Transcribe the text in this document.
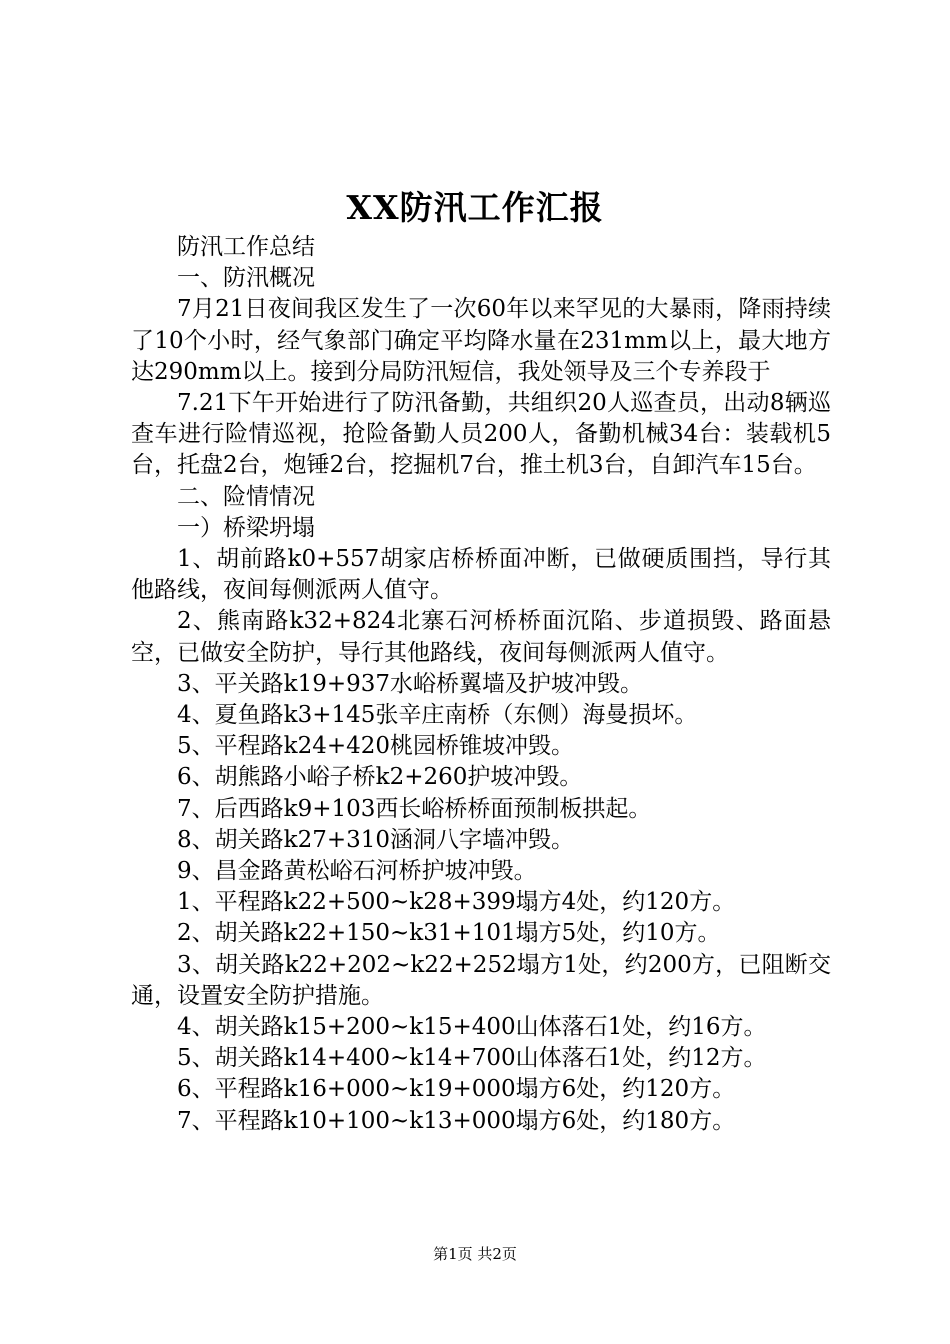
XX防汛工作汇报

防汛工作总结

一、防汛概况

7月21日夜间我区发生了一次60年以来罕见的大暴雨，降雨持续了10个小时，经气象部门确定平均降水量在231mm以上，最大地方达290mm以上。接到分局防汛短信，我处领导及三个专养段于

7.21下午开始进行了防汛备勤，共组织20人巡查员，出动8辆巡查车进行险情巡视，抢险备勤人员200人，备勤机械34台：装载机5台，托盘2台，炮锤2台，挖掘机7台，推土机3台，自卸汽车15台。

二、险情情况

一）桥梁坍塌

1、胡前路k0+557胡家店桥桥面冲断，已做硬质围挡，导行其他路线，夜间每侧派两人值守。

2、熊南路k32+824北寨石河桥桥面沉陷、步道损毁、路面悬空，已做安全防护，导行其他路线，夜间每侧派两人值守。

3、平关路k19+937水峪桥翼墙及护坡冲毁。

4、夏鱼路k3+145张辛庄南桥（东侧）海曼损坏。

5、平程路k24+420桃园桥锥坡冲毁。

6、胡熊路小峪子桥k2+260护坡冲毁。

7、后西路k9+103西长峪桥桥面预制板拱起。

8、胡关路k27+310涵洞八字墙冲毁。

9、昌金路黄松峪石河桥护坡冲毁。

1、平程路k22+500~k28+399塌方4处，约120方。

2、胡关路k22+150~k31+101塌方5处，约10方。

3、胡关路k22+202~k22+252塌方1处，约200方，已阻断交通，设置安全防护措施。

4、胡关路k15+200~k15+400山体落石1处，约16方。

5、胡关路k14+400~k14+700山体落石1处，约12方。

6、平程路k16+000~k19+000塌方6处，约120方。

7、平程路k10+100~k13+000塌方6处，约180方。

第1页 共2页
